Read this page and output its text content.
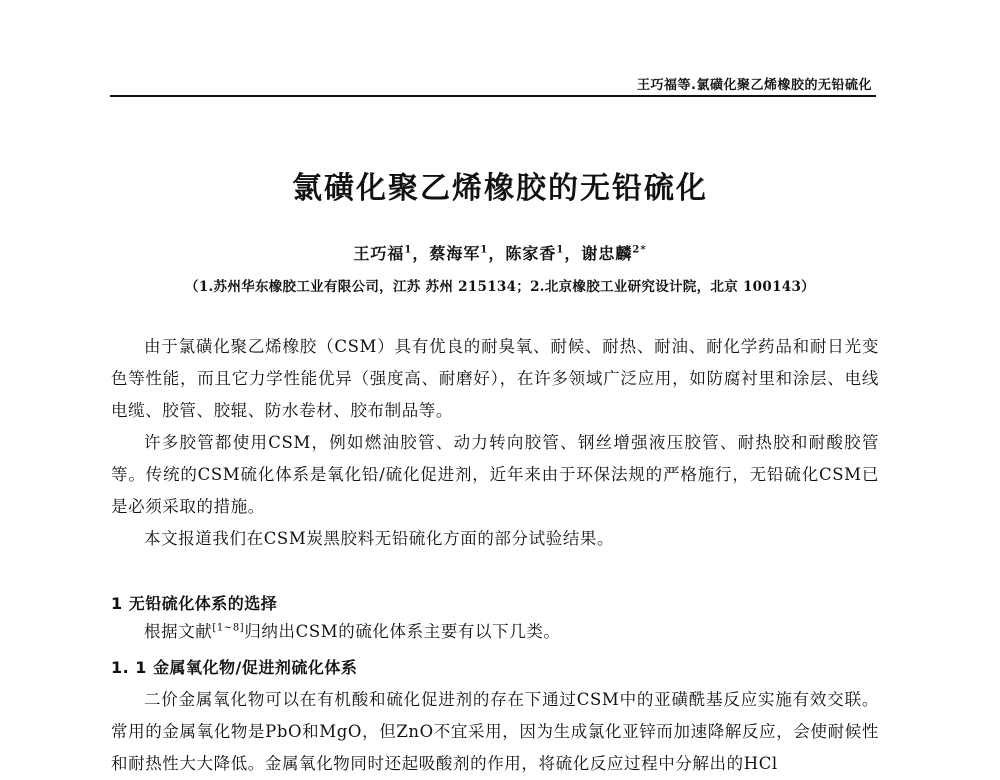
王巧福等.氯磺化聚乙烯橡胶的无铅硫化
氯磺化聚乙烯橡胶的无铅硫化
王巧福$^1$，蔡海军$^1$，陈家香$^1$，谢忠麟$^{2*}$
（1.苏州华东橡胶工业有限公司，江苏 苏州 215134；2.北京橡胶工业研究设计院，北京 100143）

由于氯磺化聚乙烯橡胶（CSM）具有优良的耐臭氧、耐候、耐热、耐油、耐化学药品和耐日光变色等性能，而且它力学性能优异（强度高、耐磨好），在许多领域广泛应用，如防腐衬里和涂层、电线电缆、胶管、胶辊、防水卷材、胶布制品等。

许多胶管都使用CSM，例如燃油胶管、动力转向胶管、钢丝增强液压胶管、耐热胶和耐酸胶管等。传统的CSM硫化体系是氧化铅/硫化促进剂，近年来由于环保法规的严格施行，无铅硫化CSM已是必须采取的措施。

本文报道我们在CSM炭黑胶料无铅硫化方面的部分试验结果。

1 无铅硫化体系的选择

根据文献[1~8]归纳出CSM的硫化体系主要有以下几类。

1. 1 金属氧化物/促进剂硫化体系

二价金属氧化物可以在有机酸和硫化促进剂的存在下通过CSM中的亚磺酰基反应实施有效交联。常用的金属氧化物是PbO和MgO，但ZnO不宜采用，因为生成氯化亚锌而加速降解反应，会使耐候性和耐热性大大降低。金属氧化物同时还起吸酸剂的作用，将硫化反应过程中分解出的HCl
